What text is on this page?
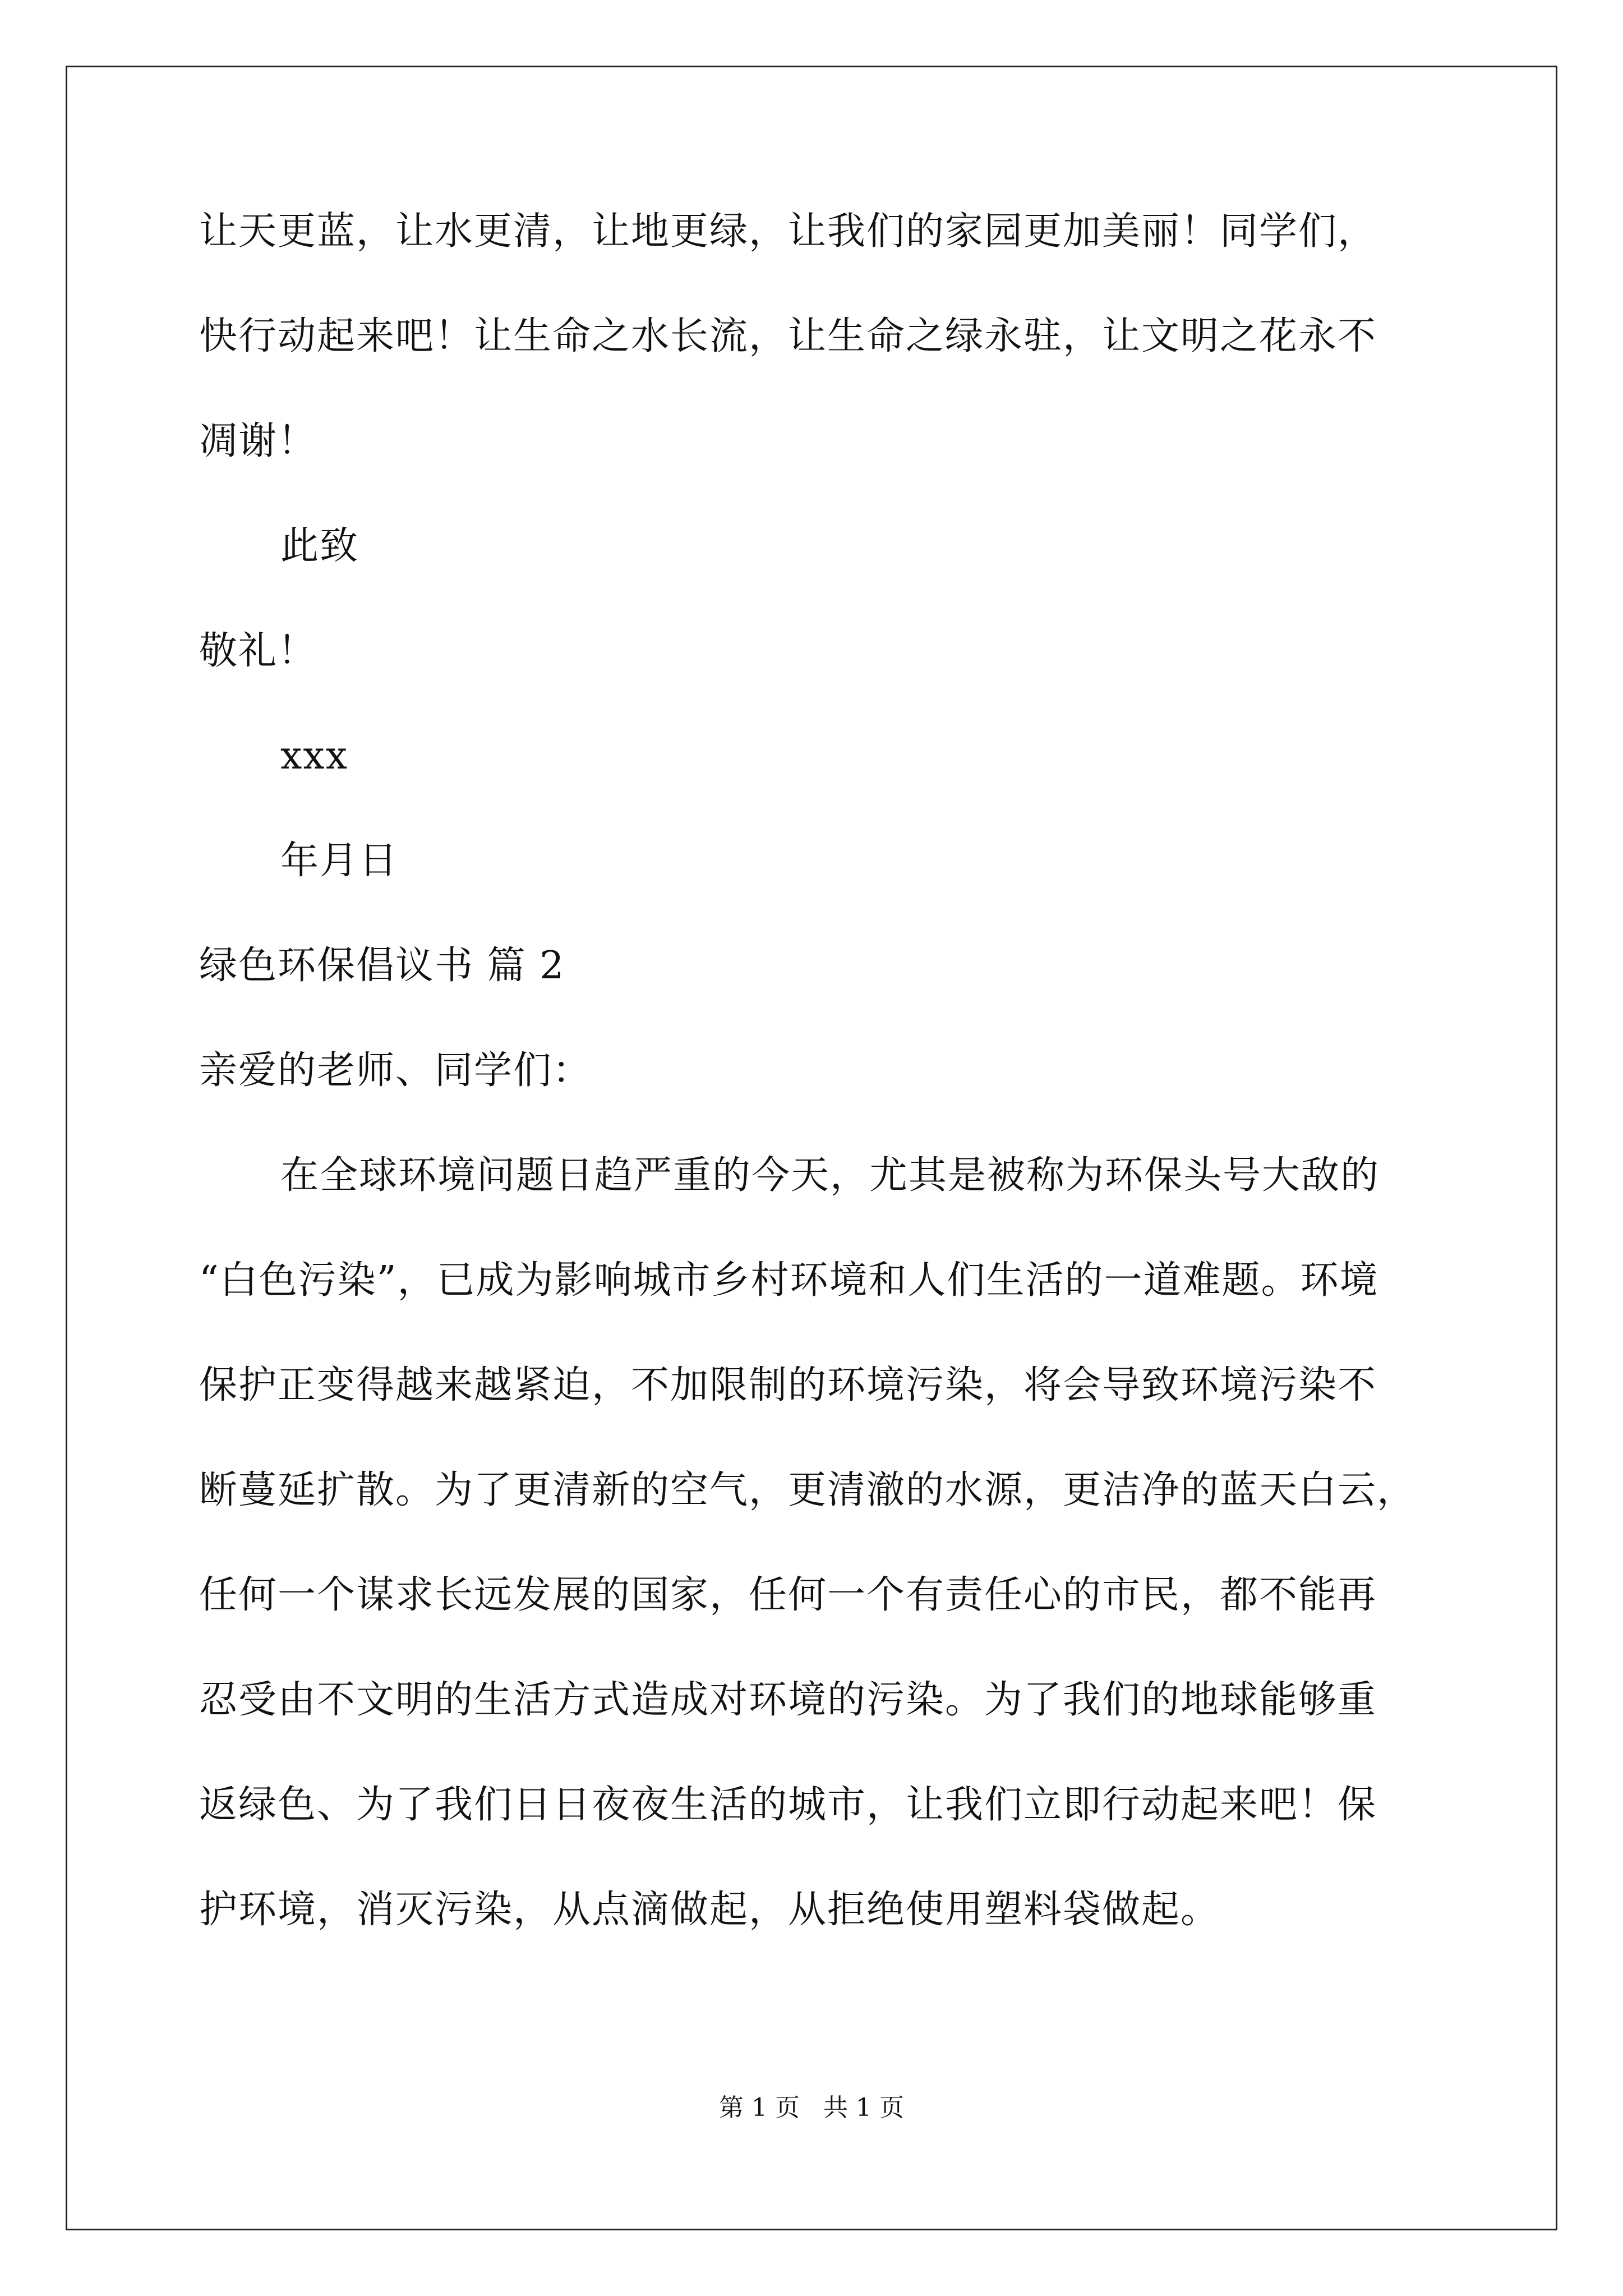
让天更蓝，让水更清，让地更绿，让我们的家园更加美丽！同学们，
快行动起来吧！让生命之水长流，让生命之绿永驻，让文明之花永不
凋谢！
此致
敬礼！
xxx
年月日
绿色环保倡议书 篇 2
亲爱的老师、同学们：
在全球环境问题日趋严重的今天，尤其是被称为环保头号大敌的
“白色污染”，已成为影响城市乡村环境和人们生活的一道难题。环境
保护正变得越来越紧迫，不加限制的环境污染，将会导致环境污染不
断蔓延扩散。为了更清新的空气，更清澈的水源，更洁净的蓝天白云，
任何一个谋求长远发展的国家，任何一个有责任心的市民，都不能再
忍受由不文明的生活方式造成对环境的污染。为了我们的地球能够重
返绿色、为了我们日日夜夜生活的城市，让我们立即行动起来吧！保
护环境，消灭污染，从点滴做起，从拒绝使用塑料袋做起。
第 1 页   共 1 页
